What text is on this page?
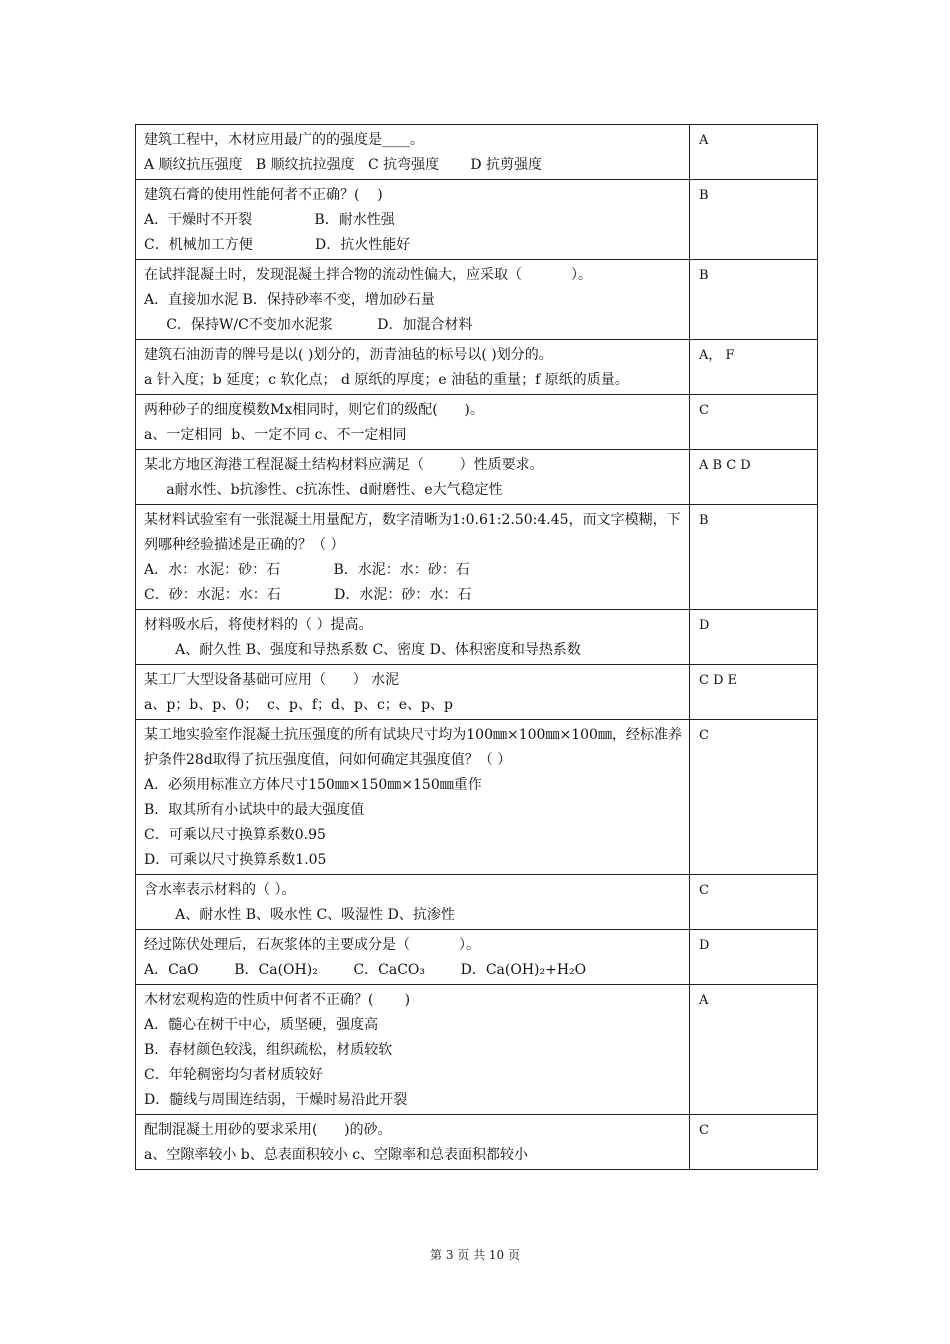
建筑工程中，木材应用最广的的强度是____。
A 顺纹抗压强度   B 顺纹抗拉强度   C 抗弯强度       D 抗剪强度	A

建筑石膏的使用性能何者不正确？(    )
A．干燥时不开裂              B．耐水性强
C．机械加工方便              D．抗火性能好	B

在试拌混凝土时，发现混凝土拌合物的流动性偏大，应采取（           ）。
A．直接加水泥 B．保持砂率不变，增加砂石量
C．保持W/C不变加水泥浆          D．加混合材料	B

建筑石油沥青的牌号是以( )划分的，沥青油毡的标号以( )划分的。
a 针入度；b 延度；c 软化点； d 原纸的厚度；e 油毡的重量；f 原纸的质量。	A， F

两种砂子的细度模数Mx相同时，则它们的级配(      )。
a、一定相同  b、一定不同 c、不一定相同	C

某北方地区海港工程混凝土结构材料应满足（        ）性质要求。
a耐水性、b抗渗性、c抗冻性、d耐磨性、e大气稳定性	A B C D

某材料试验室有一张混凝土用量配方，数字清晰为1:0.61:2.50:4.45，而文字模糊，下列哪种经验描述是正确的？（ ）
A．水：水泥：砂：石            B．水泥：水：砂：石
C．砂：水泥：水：石            D．水泥：砂：水：石	B

材料吸水后，将使材料的（ ）提高。
A、耐久性 B、强度和导热系数 C、密度 D、体积密度和导热系数	D

某工厂大型设备基础可应用（      ） 水泥
a、p；b、p、0；  c、p、f；d、p、c；e、p、p	C D E

某工地实验室作混凝土抗压强度的所有试块尺寸均为100㎜×100㎜×100㎜，经标准养护条件28d取得了抗压强度值，问如何确定其强度值？（ ）
A．必须用标准立方体尺寸150㎜×150㎜×150㎜重作
B．取其所有小试块中的最大强度值
C．可乘以尺寸换算系数0.95
D．可乘以尺寸换算系数1.05	C

含水率表示材料的（ ）。
A、耐水性 B、吸水性 C、吸湿性 D、抗渗性	C

经过陈伏处理后，石灰浆体的主要成分是（           ）。
A．CaO        B．Ca(OH)₂        C．CaCO₃        D．Ca(OH)₂+H₂O	D

木材宏观构造的性质中何者不正确？(       )
A．髓心在树干中心，质坚硬，强度高
B．春材颜色较浅，组织疏松，材质较软
C．年轮稠密均匀者材质较好
D．髓线与周围连结弱，干燥时易沿此开裂	A

配制混凝土用砂的要求采用(      )的砂。
a、空隙率较小 b、总表面积较小 c、空隙率和总表面积都较小	C
第 3 页 共 10 页
